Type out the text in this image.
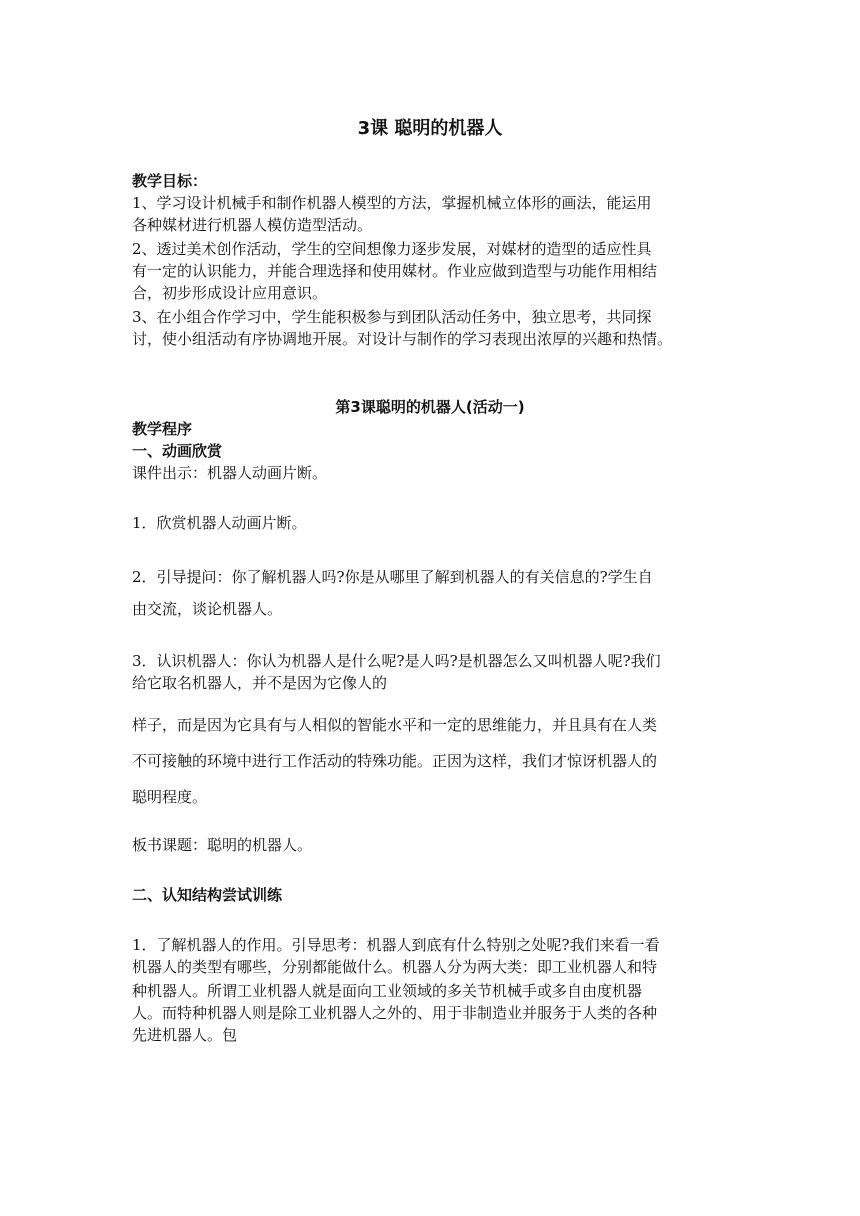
3课 聪明的机器人
教学目标：
1、学习设计机械手和制作机器人模型的方法，掌握机械立体形的画法，能运用
各种媒材进行机器人模仿造型活动。
2、透过美术创作活动，学生的空间想像力逐步发展，对媒材的造型的适应性具
有一定的认识能力，并能合理选择和使用媒材。作业应做到造型与功能作用相结
合，初步形成设计应用意识。
3、在小组合作学习中，学生能积极参与到团队活动任务中，独立思考，共同探
讨，使小组活动有序协调地开展。对设计与制作的学习表现出浓厚的兴趣和热情。
第3课聪明的机器人(活动一)
教学程序
一、动画欣赏
课件出示：机器人动画片断。
1．欣赏机器人动画片断。
2．引导提问：你了解机器人吗?你是从哪里了解到机器人的有关信息的?学生自
由交流，谈论机器人。
3．认识机器人：你认为机器人是什么呢?是人吗?是机器怎么又叫机器人呢?我们
给它取名机器人，并不是因为它像人的
样子，而是因为它具有与人相似的智能水平和一定的思维能力，并且具有在人类
不可接触的环境中进行工作活动的特殊功能。正因为这样，我们才惊讶机器人的
聪明程度。
板书课题：聪明的机器人。
二、认知结构尝试训练
1．了解机器人的作用。引导思考：机器人到底有什么特别之处呢?我们来看一看
机器人的类型有哪些，分别都能做什么。机器人分为两大类：即工业机器人和特
种机器人。所谓工业机器人就是面向工业领域的多关节机械手或多自由度机器
人。而特种机器人则是除工业机器人之外的、用于非制造业并服务于人类的各种
先进机器人。包
